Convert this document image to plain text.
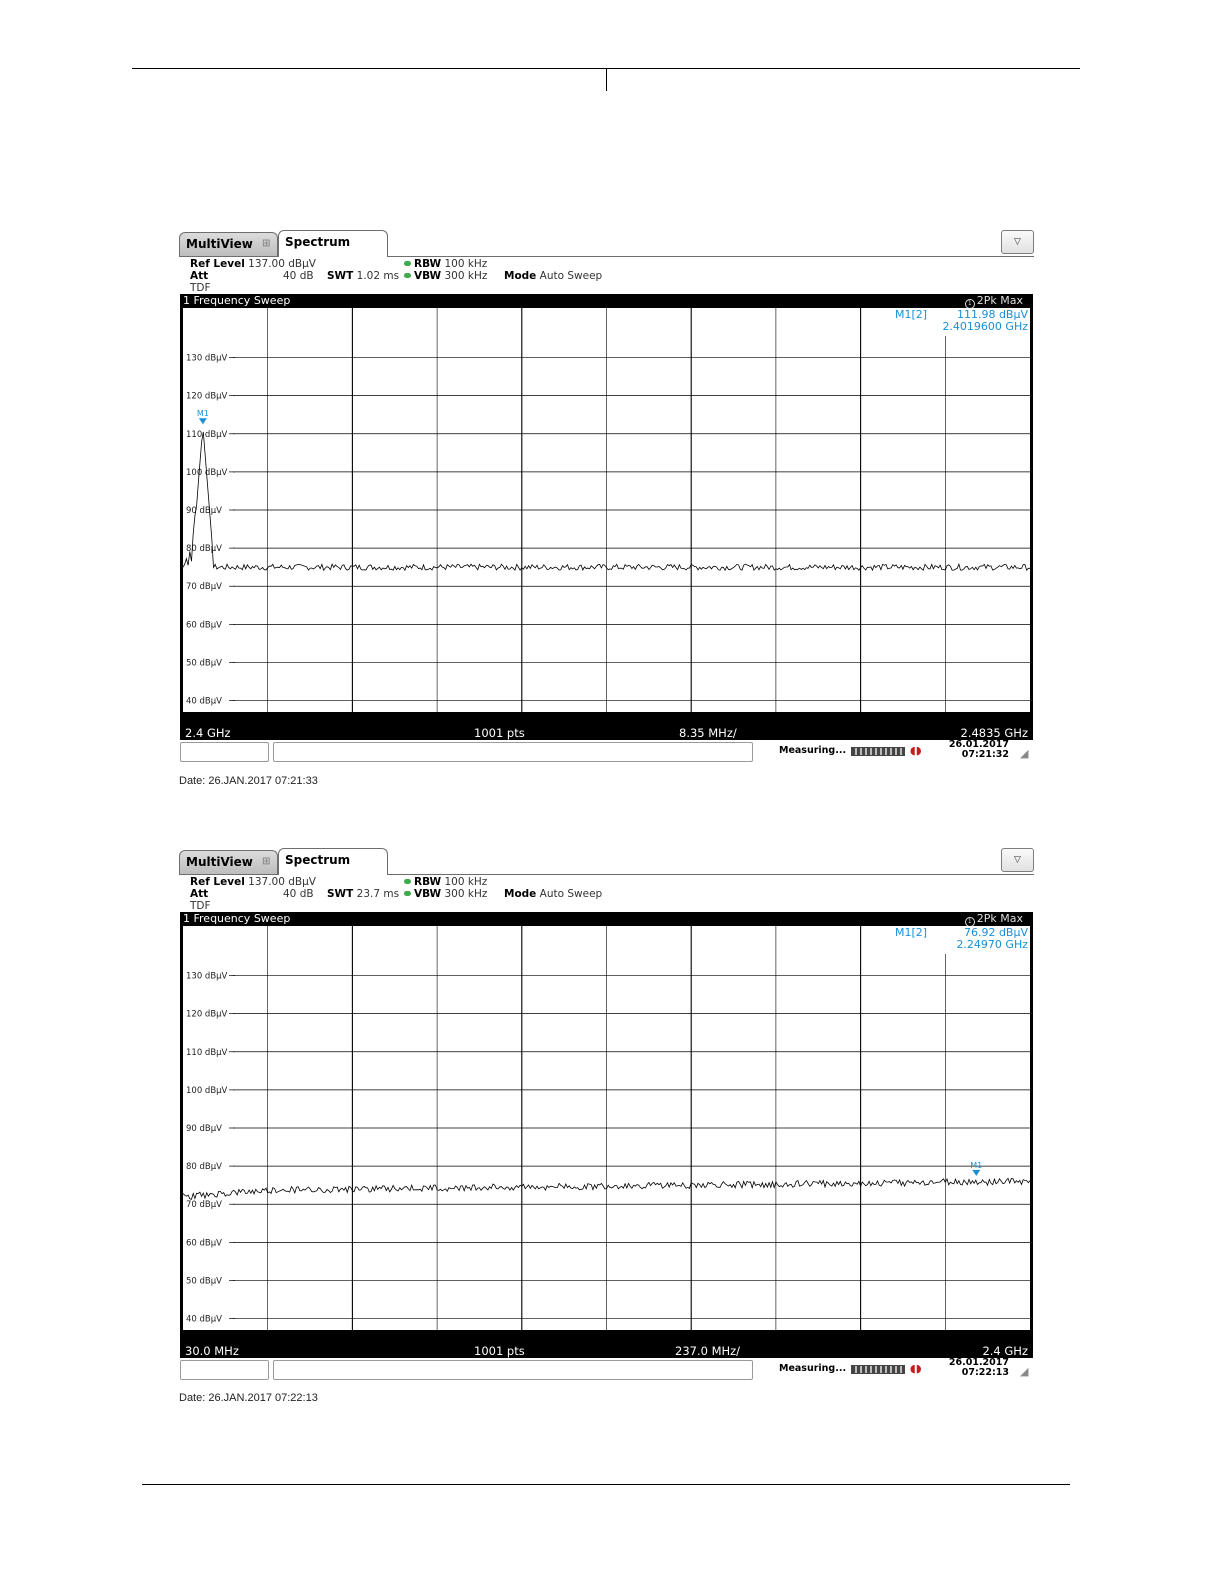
MultiView ⊞	Spectrum	▽
Ref Level 137.00 dBµV
Att	40 dB SWT 1.02 ms
RBW 100 kHz
VBW 300 kHz Mode Auto Sweep
TDF
1 Frequency Sweep	1 2Pk Max
130 dBµV
120 dBµV
110 dBµV
100 dBµV
90 dBµV
80 dBµV
70 dBµV
60 dBµV
50 dBµV
40 dBµV
M1
M1[2]	111.98 dBµV
2.4019600 GHz
2.4 GHz	1001 pts	8.35 MHz/	2.4835 GHz
Measuring...	◖◗	26.01.2017
07:21:32 ◢
Date: 26.JAN.2017 07:21:33
MultiView ⊞	Spectrum	▽
Ref Level 137.00 dBµV
Att	40 dB SWT 23.7 ms
RBW 100 kHz
VBW 300 kHz Mode Auto Sweep
TDF
1 Frequency Sweep	1 2Pk Max
130 dBµV
120 dBµV
110 dBµV
100 dBµV
90 dBµV
80 dBµV
70 dBµV
60 dBµV
50 dBµV
40 dBµV
M1
M1[2]	76.92 dBµV
2.24970 GHz
30.0 MHz	1001 pts	237.0 MHz/	2.4 GHz
Measuring...	◖◗	26.01.2017
07:22:13 ◢
Date: 26.JAN.2017 07:22:13
